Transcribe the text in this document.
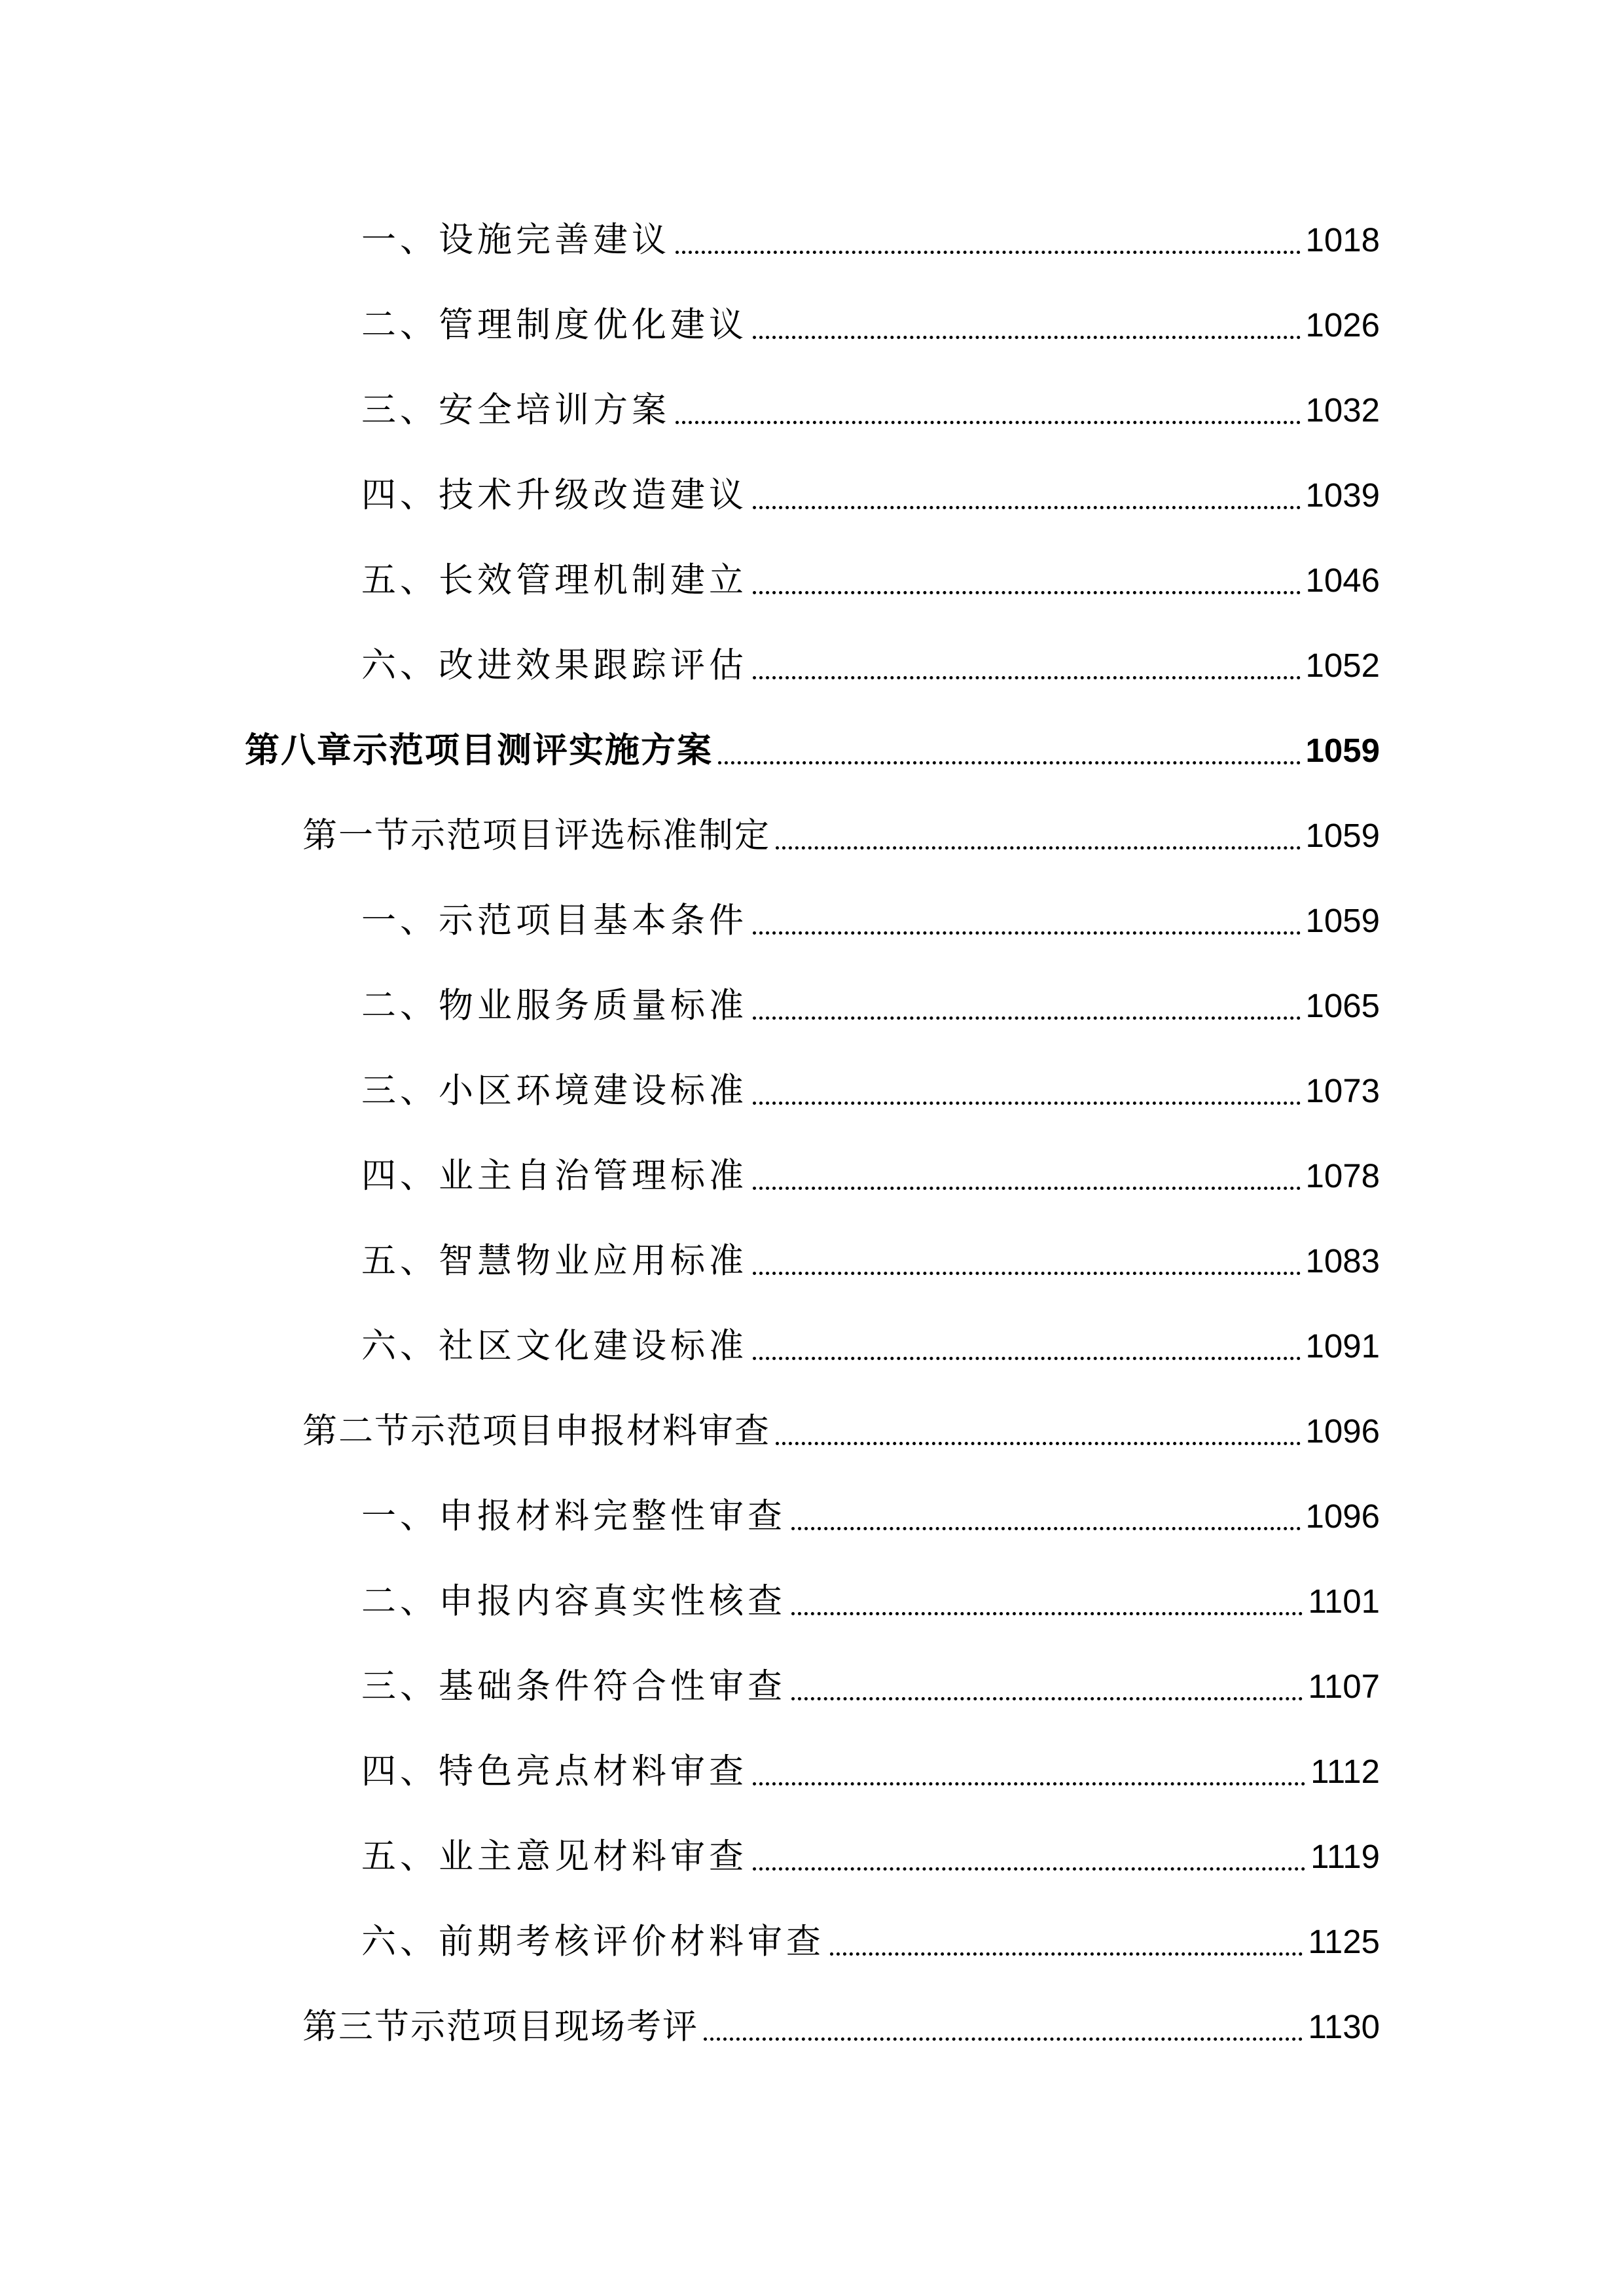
一、设施完善建议	1018
二、管理制度优化建议	1026
三、安全培训方案	1032
四、技术升级改造建议	1039
五、长效管理机制建立	1046
六、改进效果跟踪评估	1052
第八章示范项目测评实施方案	1059
第一节示范项目评选标准制定	1059
一、示范项目基本条件	1059
二、物业服务质量标准	1065
三、小区环境建设标准	1073
四、业主自治管理标准	1078
五、智慧物业应用标准	1083
六、社区文化建设标准	1091
第二节示范项目申报材料审查	1096
一、申报材料完整性审查	1096
二、申报内容真实性核查	1101
三、基础条件符合性审查	1107
四、特色亮点材料审查	1112
五、业主意见材料审查	1119
六、前期考核评价材料审查	1125
第三节示范项目现场考评	1130
